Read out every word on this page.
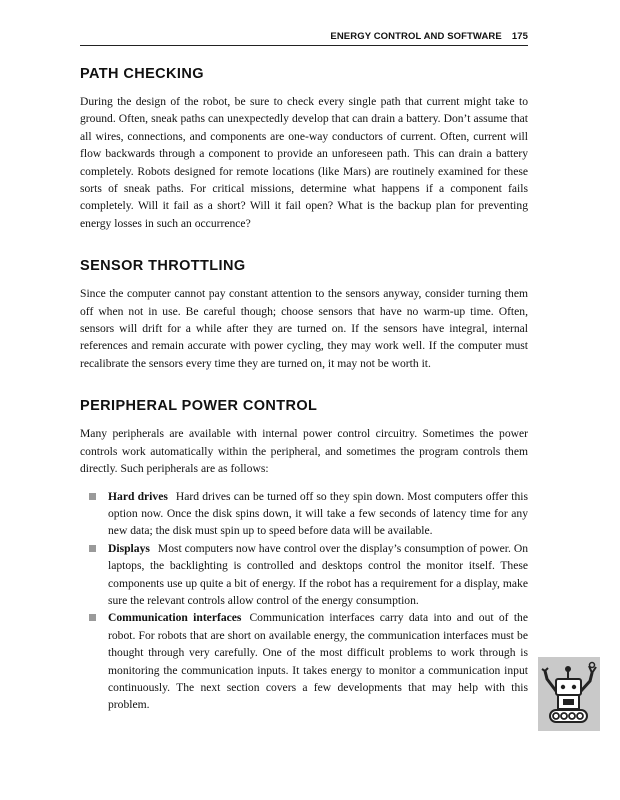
ENERGY CONTROL AND SOFTWARE 175
PATH CHECKING

During the design of the robot, be sure to check every single path that current might take to ground. Often, sneak paths can unexpectedly develop that can drain a battery. Don’t assume that all wires, connections, and components are one-way conductors of current. Often, current will flow backwards through a component to provide an unforeseen path. This can drain a battery completely. Robots designed for remote locations (like Mars) are routinely examined for these sorts of sneak paths. For critical missions, determine what happens if a component fails completely. Will it fail as a short? Will it fail open? What is the backup plan for preventing energy losses in such an occurrence?

SENSOR THROTTLING

Since the computer cannot pay constant attention to the sensors anyway, consider turning them off when not in use. Be careful though; choose sensors that have no warm-up time. Often, sensors will drift for a while after they are turned on. If the sensors have integral, internal references and remain accurate with power cycling, they may work well. If the computer must recalibrate the sensors every time they are turned on, it may not be worth it.

PERIPHERAL POWER CONTROL

Many peripherals are available with internal power control circuitry. Sometimes the power controls work automatically within the peripheral, and sometimes the program controls them directly. Such peripherals are as follows:

Hard drives Hard drives can be turned off so they spin down. Most computers offer this option now. Once the disk spins down, it will take a few seconds of latency time for any new data; the disk must spin up to speed before data will be available.
Displays Most computers now have control over the display’s consumption of power. On laptops, the backlighting is controlled and desktops control the monitor itself. These components use up quite a bit of energy. If the robot has a requirement for a display, make sure the relevant controls allow control of the energy consumption.
Communication interfaces Communication interfaces carry data into and out of the robot. For robots that are short on available energy, the communication interfaces must be thought through very carefully. One of the most difficult problems to work through is monitoring the communication inputs. It takes energy to monitor a communication input continuously. The next section covers a few developments that may help with this problem.
